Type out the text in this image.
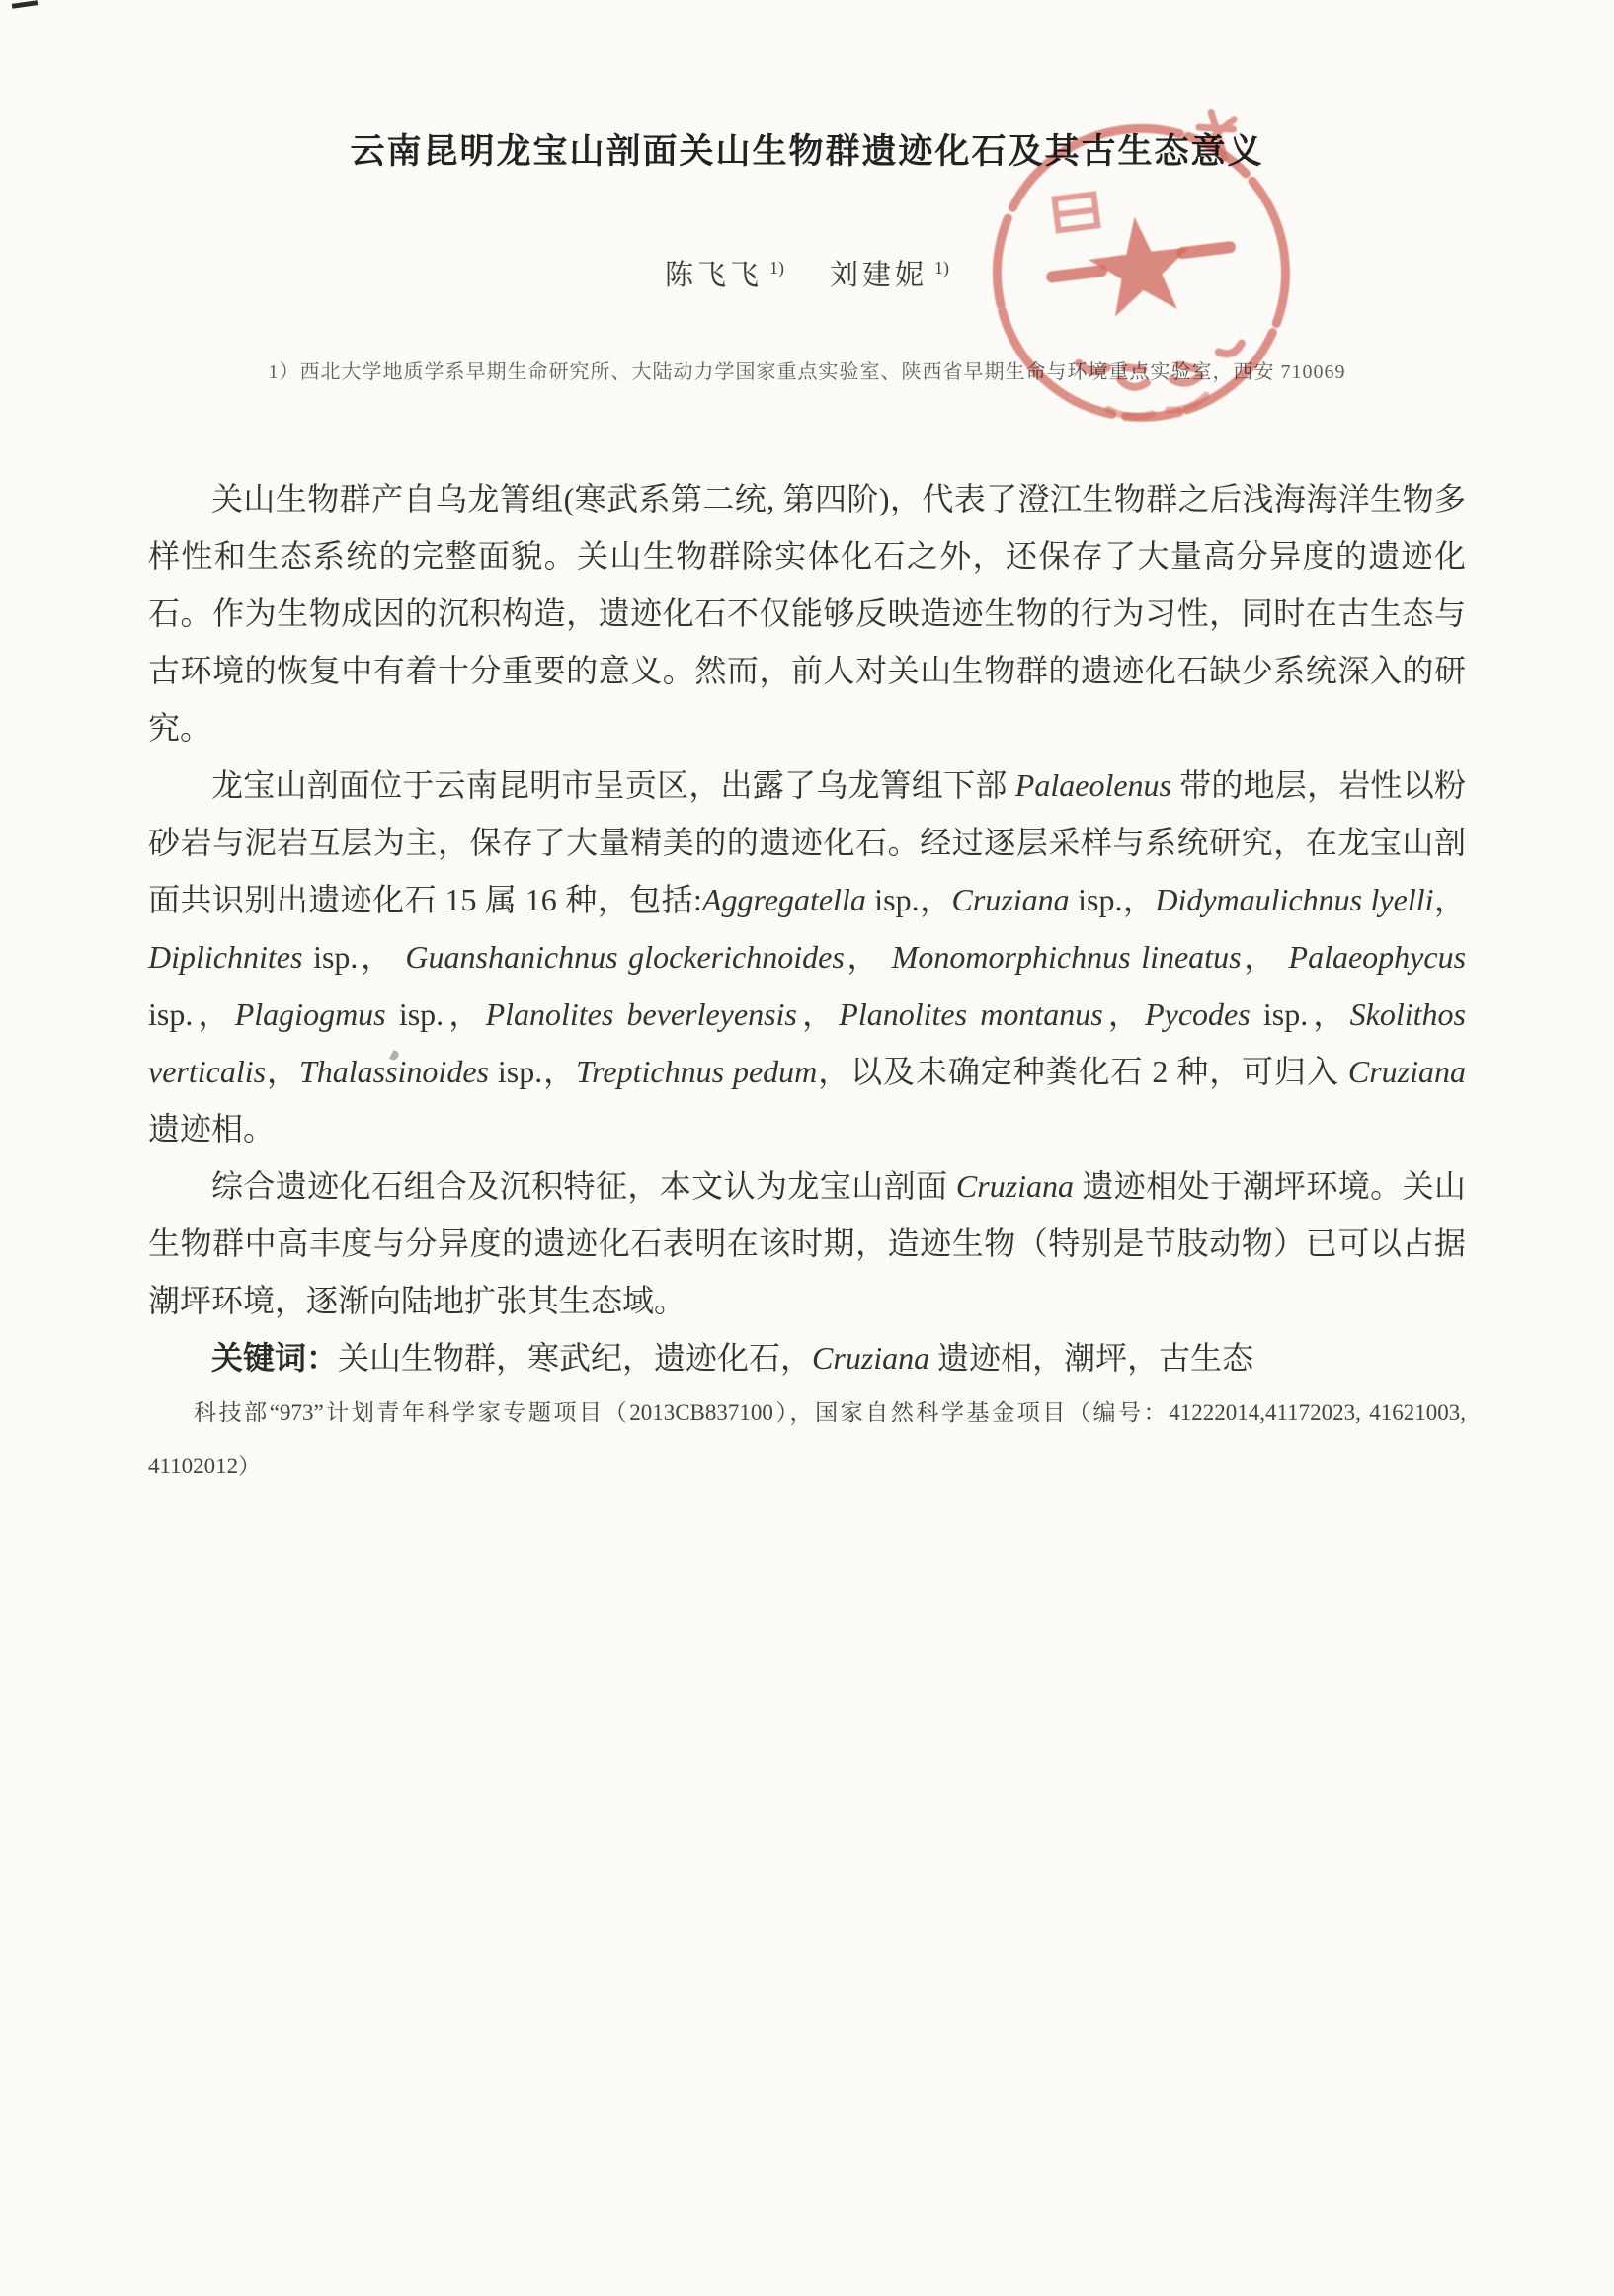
云南昆明龙宝山剖面关山生物群遗迹化石及其古生态意义
陈飞飞 $^{1)}$ 刘建妮 $^{1)}$
1）西北大学地质学系早期生命研究所、大陆动力学国家重点实验室、陕西省早期生命与环境重点实验室，西安 710069

关山生物群产自乌龙箐组(寒武系第二统, 第四阶)，代表了澄江生物群之后浅海海洋生物多样性和生态系统的完整面貌。关山生物群除实体化石之外，还保存了大量高分异度的遗迹化石。作为生物成因的沉积构造，遗迹化石不仅能够反映造迹生物的行为习性，同时在古生态与古环境的恢复中有着十分重要的意义。然而，前人对关山生物群的遗迹化石缺少系统深入的研究。

龙宝山剖面位于云南昆明市呈贡区，出露了乌龙箐组下部 Palaeolenus 带的地层，岩性以粉砂岩与泥岩互层为主，保存了大量精美的的遗迹化石。经过逐层采样与系统研究，在龙宝山剖面共识别出遗迹化石 15 属 16 种，包括:Aggregatella isp.，Cruziana isp.，Didymaulichnus lyelli， Diplichnites isp.， Guanshanichnus glockerichnoides， Monomorphichnus lineatus， Palaeophycus isp.，Plagiogmus isp.，Planolites beverleyensis，Planolites montanus，Pycodes isp.，Skolithos verticalis，Thalassinoides isp.，Treptichnus pedum，以及未确定种粪化石 2 种，可归入 Cruziana 遗迹相。

综合遗迹化石组合及沉积特征，本文认为龙宝山剖面 Cruziana 遗迹相处于潮坪环境。关山生物群中高丰度与分异度的遗迹化石表明在该时期，造迹生物（特别是节肢动物）已可以占据潮坪环境，逐渐向陆地扩张其生态域。

关键词：关山生物群，寒武纪，遗迹化石，Cruziana 遗迹相，潮坪，古生态

科技部“973”计划青年科学家专题项目（2013CB837100），国家自然科学基金项目（编号：41222014,41172023, 41621003, 41102012）
